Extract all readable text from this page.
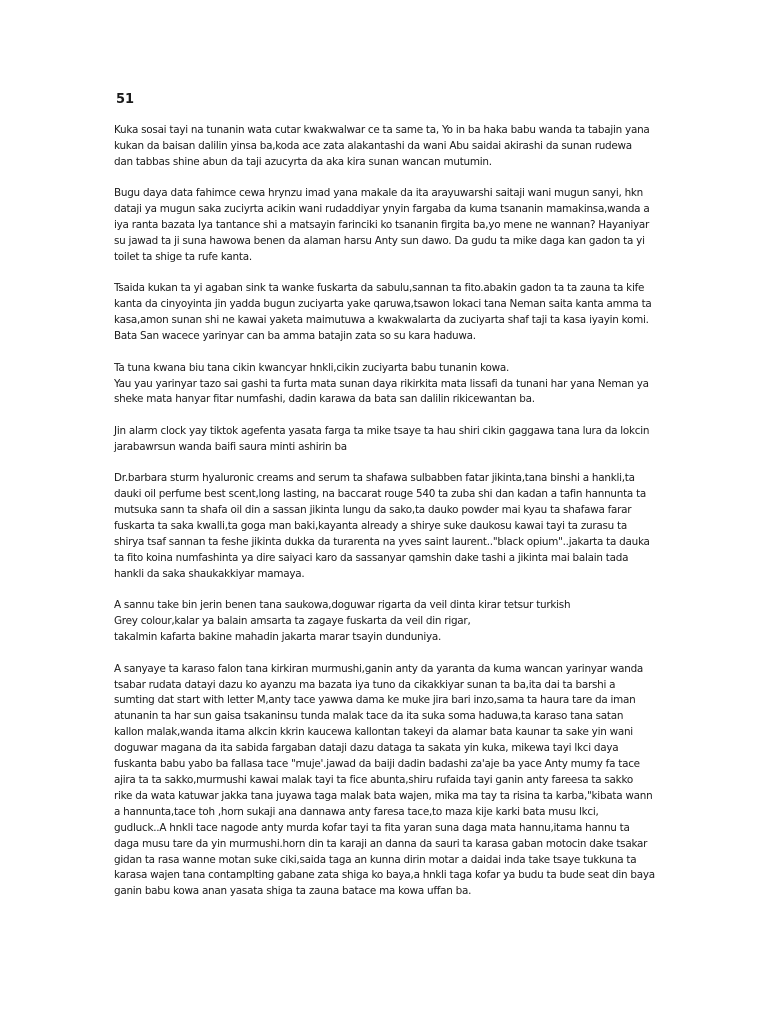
51

Kuka sosai tayi na tunanin wata cutar kwakwalwar ce ta same ta, Yo in ba haka babu wanda ta tabajin yana
kukan da baisan dalilin yinsa ba,koda ace zata alakantashi da wani Abu saidai akirashi da sunan rudewa
dan tabbas shine abun da taji azucyrta da aka kira sunan wancan mutumin.

Bugu daya data fahimce cewa hrynzu imad yana makale da ita arayuwarshi saitaji wani mugun sanyi, hkn
dataji ya mugun saka zuciyrta acikin wani rudaddiyar ynyin fargaba da kuma tsananin mamakinsa,wanda a
iya ranta bazata Iya tantance shi a matsayin farinciki ko tsananin firgita ba,yo mene ne wannan? Hayaniyar
su jawad ta ji suna hawowa benen da alaman harsu Anty sun dawo. Da gudu ta mike daga kan gadon ta yi
toilet ta shige ta rufe kanta.

Tsaida kukan ta yi agaban sink ta wanke fuskarta da sabulu,sannan ta fito.abakin gadon ta ta zauna ta kife
kanta da cinyoyinta jin yadda bugun zuciyarta yake qaruwa,tsawon lokaci tana Neman saita kanta amma ta
kasa,amon sunan shi ne kawai yaketa maimutuwa a kwakwalarta da zuciyarta shaf taji ta kasa iyayin komi.
Bata San wacece yarinyar can ba amma batajin zata so su kara haduwa.

Ta tuna kwana biu tana cikin kwancyar hnkli,cikin zuciyarta babu tunanin kowa.
Yau yau yarinyar tazo sai gashi ta furta mata sunan daya rikirkita mata lissafi da tunani har yana Neman ya
sheke mata hanyar fitar numfashi, dadin karawa da bata san dalilin rikicewantan ba.

Jin alarm clock yay tiktok agefenta yasata farga ta mike tsaye ta hau shiri cikin gaggawa tana lura da lokcin
jarabawrsun wanda baifi saura minti ashirin ba

Dr.barbara sturm hyaluronic creams and serum ta shafawa sulbabben fatar jikinta,tana binshi a hankli,ta
dauki oil perfume best scent,long lasting, na baccarat rouge 540 ta zuba shi dan kadan a tafin hannunta ta
mutsuka sann ta shafa oil din a sassan jikinta lungu da sako,ta dauko powder mai kyau ta shafawa farar
fuskarta ta saka kwalli,ta goga man baki,kayanta already a shirye suke daukosu kawai tayi ta zurasu ta
shirya tsaf sannan ta feshe jikinta dukka da turarenta na yves saint laurent.."black opium"..jakarta ta dauka
ta fito koina numfashinta ya dire saiyaci karo da sassanyar qamshin dake tashi a jikinta mai balain tada
hankli da saka shaukakkiyar mamaya.

A sannu take bin jerin benen tana saukowa,doguwar rigarta da veil dinta kirar tetsur turkish
Grey colour,kalar ya balain amsarta ta zagaye fuskarta da veil din rigar,
takalmin kafarta bakine mahadin jakarta marar tsayin dunduniya.

A sanyaye ta karaso falon tana kirkiran murmushi,ganin anty da yaranta da kuma wancan yarinyar wanda
tsabar rudata datayi dazu ko ayanzu ma bazata iya tuno da cikakkiyar sunan ta ba,ita dai ta barshi a
sumting dat start with letter M,anty tace yawwa dama ke muke jira bari inzo,sama ta haura tare da iman
atunanin ta har sun gaisa tsakaninsu tunda malak tace da ita suka soma haduwa,ta karaso tana satan
kallon malak,wanda itama alkcin kkrin kaucewa kallontan takeyi da alamar bata kaunar ta sake yin wani
doguwar magana da ita sabida fargaban dataji dazu dataga ta sakata yin kuka, mikewa tayi lkci daya
fuskanta babu yabo ba fallasa tace "muje'.jawad da baiji dadin badashi za'aje ba yace Anty mumy fa tace
ajira ta ta sakko,murmushi kawai malak tayi ta fice abunta,shiru rufaida tayi ganin anty fareesa ta sakko
rike da wata katuwar jakka tana juyawa taga malak bata wajen, mika ma tay ta risina ta karba,"kibata wann
a hannunta,tace toh ,horn sukaji ana dannawa anty faresa tace,to maza kije karki bata musu lkci,
gudluck..A hnkli tace nagode anty murda kofar tayi ta fita yaran suna daga mata hannu,itama hannu ta
daga musu tare da yin murmushi.horn din ta karaji an danna da sauri ta karasa gaban motocin dake tsakar
gidan ta rasa wanne motan suke ciki,saida taga an kunna dirin motar a daidai inda take tsaye tukkuna ta
karasa wajen tana contamplting gabane zata shiga ko baya,a hnkli taga kofar ya budu ta bude seat din baya
ganin babu kowa anan yasata shiga ta zauna batace ma kowa uffan ba.
